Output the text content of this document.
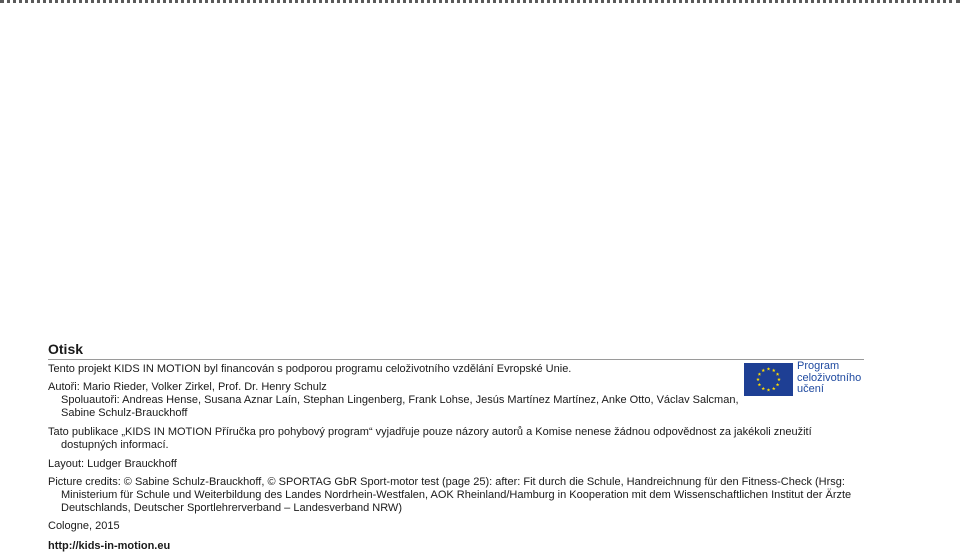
Otisk

Tento projekt KIDS IN MOTION byl financován s podporou programu celoživotního vzdělání Evropské Unie.

Autoři: Mario Rieder, Volker Zirkel, Prof. Dr. Henry Schulz
Spoluautoři: Andreas Hense, Susana Aznar Laín, Stephan Lingenberg, Frank Lohse, Jesús Martínez Martínez, Anke Otto, Václav Salcman,
Sabine Schulz-Brauckhoff

Tato publikace „KIDS IN MOTION Příručka pro pohybový program“ vyjadřuje pouze názory autorů a Komise nenese žádnou odpovědnost za jakékoli zneužití dostupných informací.

Layout: Ludger Brauckhoff

Picture credits: © Sabine Schulz-Brauckhoff, © SPORTAG GbR Sport-motor test (page 25): after: Fit durch die Schule, Handreichnung für den Fitness-Check (Hrsg: Ministerium für Schule und Weiterbildung des Landes Nordrhein-Westfalen, AOK Rheinland/Hamburg in Kooperation mit dem Wissenschaftlichen Institut der Ärzte Deutschlands, Deutscher Sportlehrerverband – Landesverband NRW)

Cologne, 2015

http://kids-in-motion.eu

Program
celoživotního
učení
